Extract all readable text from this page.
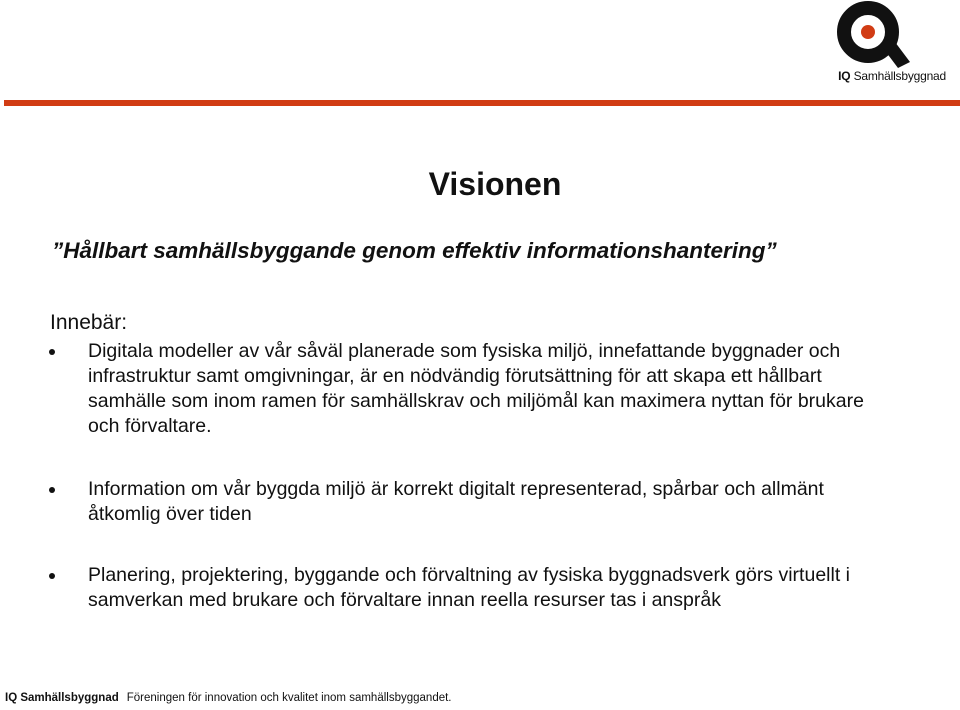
IQ Samhällsbyggnad
Visionen
”Hållbart samhällsbyggande genom effektiv informationshantering”
Innebär:
Digitala modeller av vår såväl planerade som fysiska miljö, innefattande byggnader och infrastruktur samt omgivningar, är en nödvändig förutsättning för att skapa ett hållbart samhälle som inom ramen för samhällskrav och miljömål kan maximera nyttan för brukare och förvaltare.
Information om vår byggda miljö är korrekt digitalt representerad, spårbar och allmänt åtkomlig över tiden
Planering, projektering, byggande och förvaltning av fysiska byggnadsverk görs virtuellt i samverkan med brukare och förvaltare innan reella resurser tas i anspråk
IQ Samhällsbyggnad Föreningen för innovation och kvalitet inom samhällsbyggandet.
